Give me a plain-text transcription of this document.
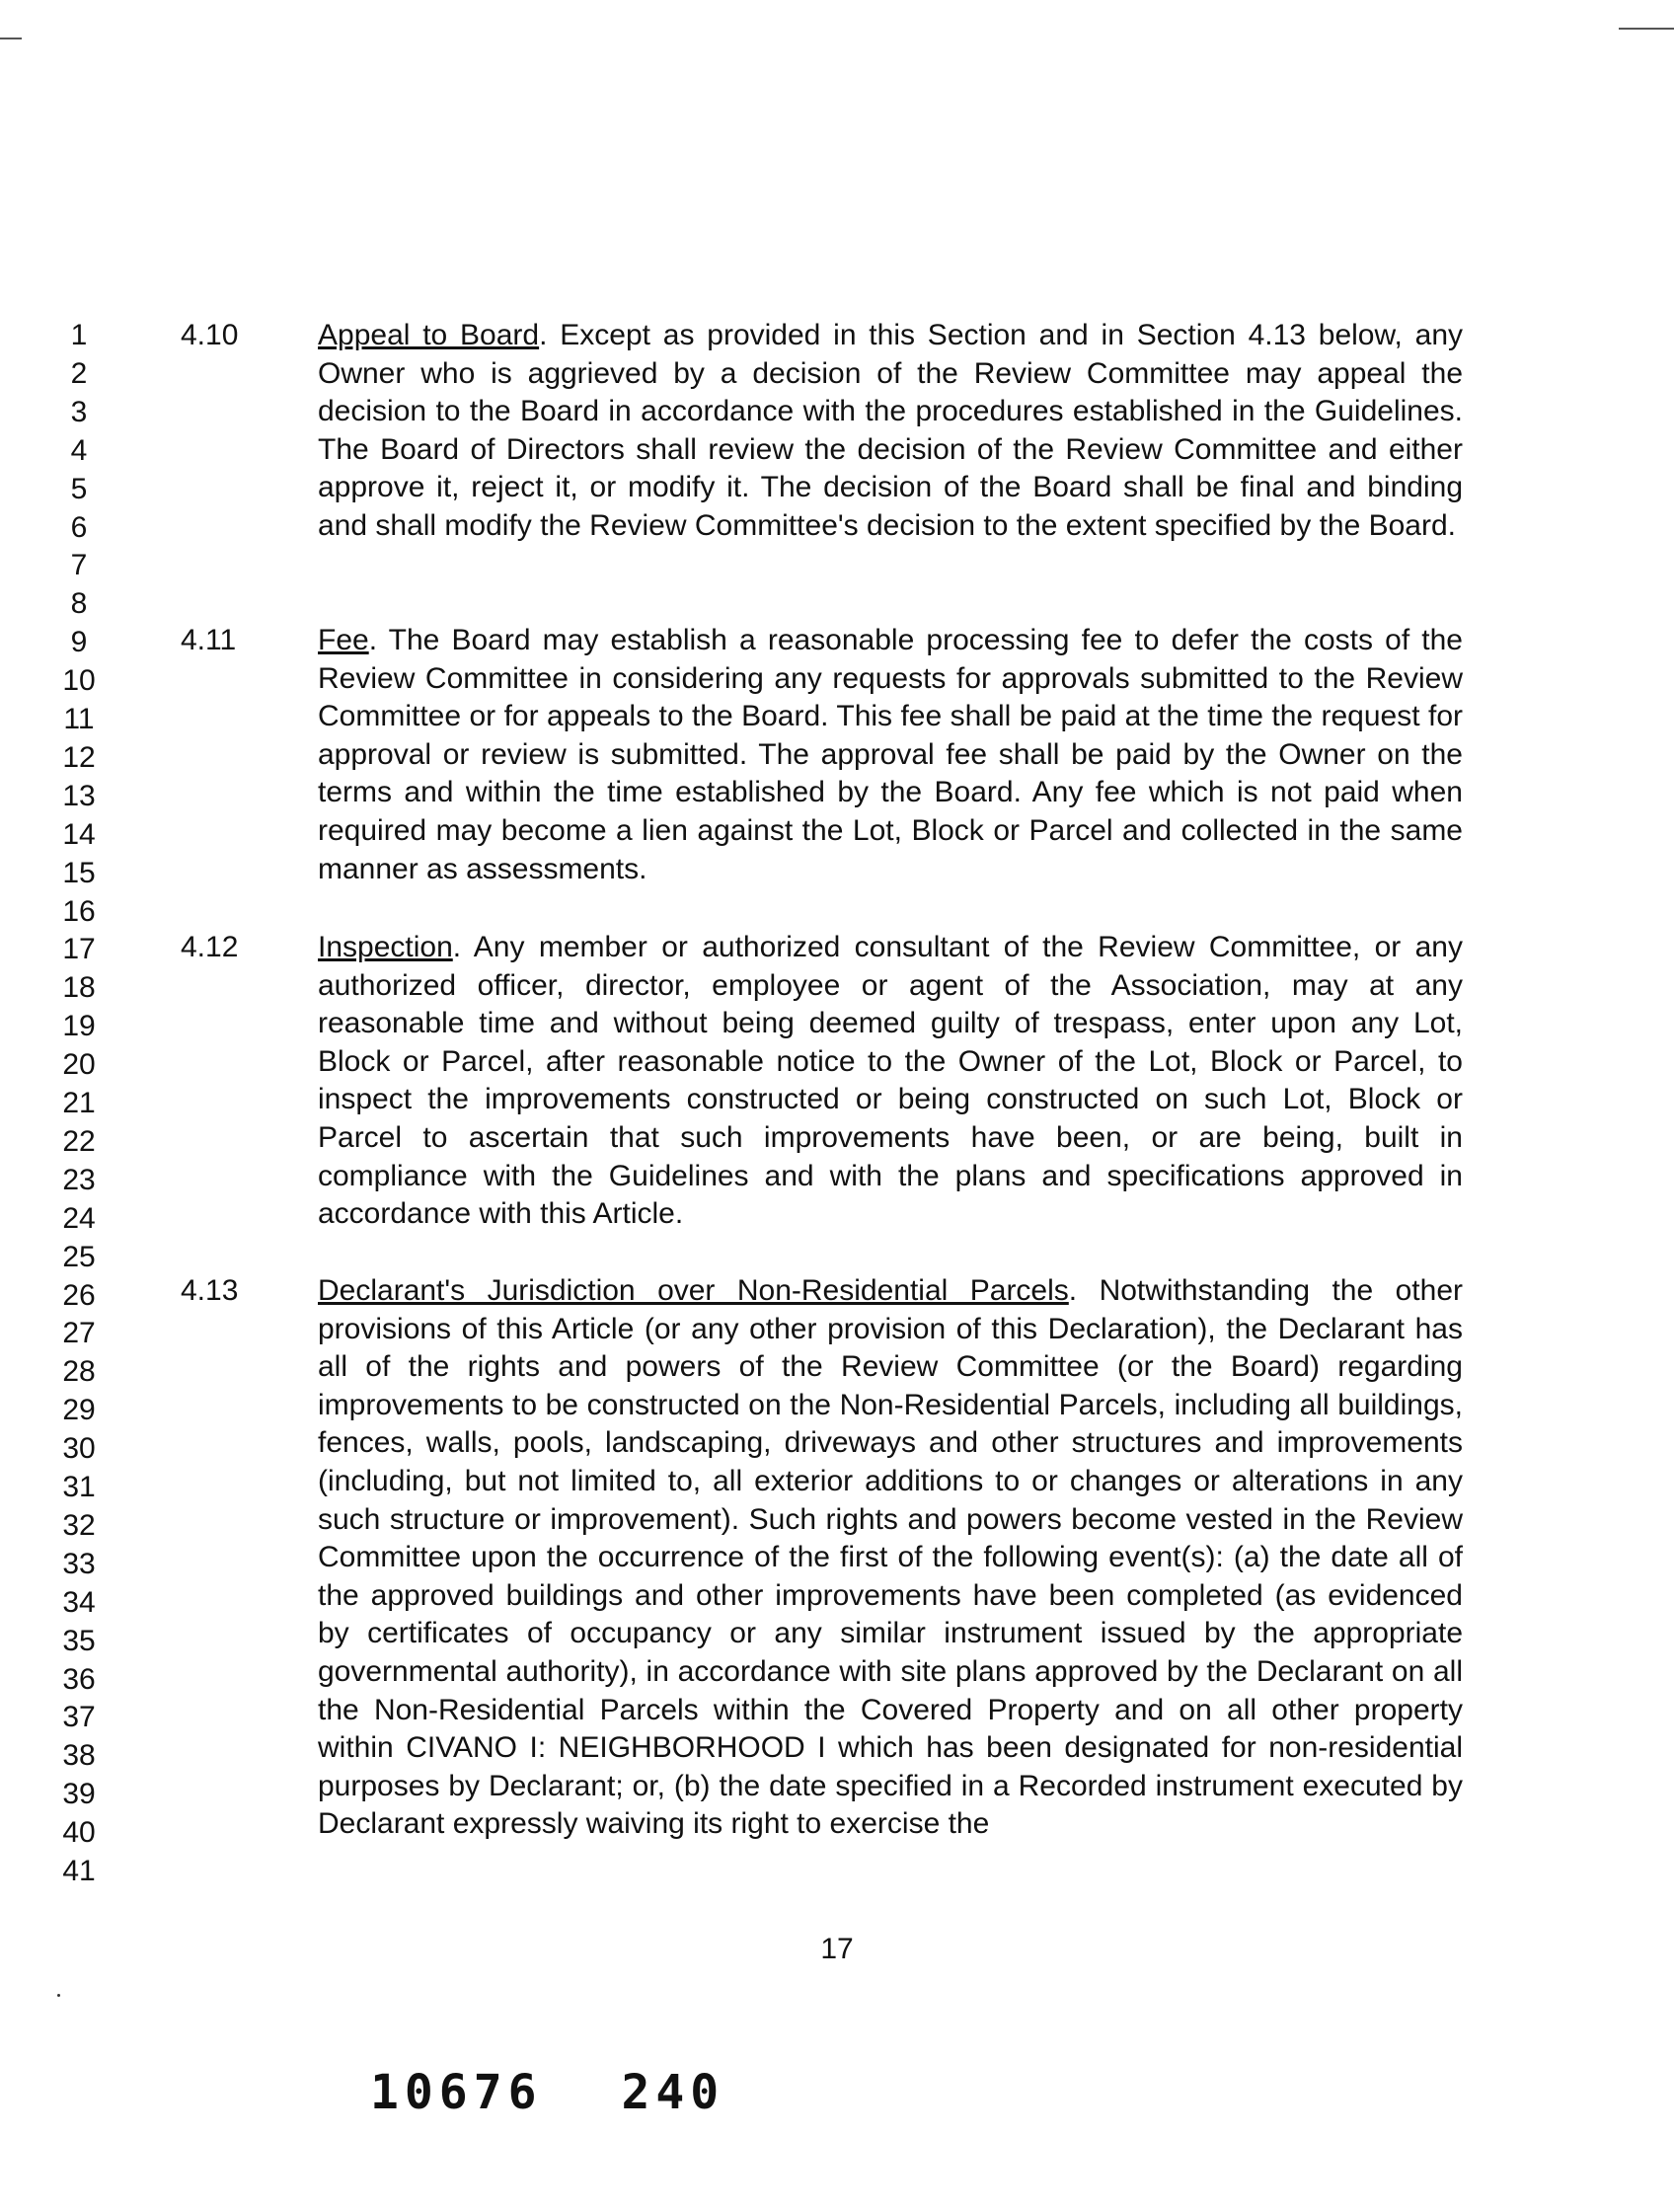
1
2
3
4
5
6
7
8
9
10
11
12
13
14
15
16
17
18
19
20
21
22
23
24
25
26
27
28
29
30
31
32
33
34
35
36
37
38
39
40
41
4.10	Appeal to Board. Except as provided in this Section and in Section 4.13 below, any Owner who is aggrieved by a decision of the Review Committee may appeal the decision to the Board in accordance with the procedures established in the Guidelines. The Board of Directors shall review the decision of the Review Committee and either approve it, reject it, or modify it. The decision of the Board shall be final and binding and shall modify the Review Committee's decision to the extent specified by the Board.
4.11	Fee. The Board may establish a reasonable processing fee to defer the costs of the Review Committee in considering any requests for approvals submitted to the Review Committee or for appeals to the Board. This fee shall be paid at the time the request for approval or review is submitted. The approval fee shall be paid by the Owner on the terms and within the time established by the Board. Any fee which is not paid when required may become a lien against the Lot, Block or Parcel and collected in the same manner as assessments.
4.12	Inspection. Any member or authorized consultant of the Review Committee, or any authorized officer, director, employee or agent of the Association, may at any reasonable time and without being deemed guilty of trespass, enter upon any Lot, Block or Parcel, after reasonable notice to the Owner of the Lot, Block or Parcel, to inspect the improvements constructed or being constructed on such Lot, Block or Parcel to ascertain that such improvements have been, or are being, built in compliance with the Guidelines and with the plans and specifications approved in accordance with this Article.
4.13	Declarant's Jurisdiction over Non-Residential Parcels. Notwithstanding the other provisions of this Article (or any other provision of this Declaration), the Declarant has all of the rights and powers of the Review Committee (or the Board) regarding improvements to be constructed on the Non-Residential Parcels, including all buildings, fences, walls, pools, landscaping, driveways and other structures and improvements (including, but not limited to, all exterior additions to or changes or alterations in any such structure or improvement). Such rights and powers become vested in the Review Committee upon the occurrence of the first of the following event(s): (a) the date all of the approved buildings and other improvements have been completed (as evidenced by certificates of occupancy or any similar instrument issued by the appropriate governmental authority), in accordance with site plans approved by the Declarant on all the Non-Residential Parcels within the Covered Property and on all other property within CIVANO I: NEIGHBORHOOD I which has been designated for non-residential purposes by Declarant; or, (b) the date specified in a Recorded instrument executed by Declarant expressly waiving its right to exercise the
17
10676 240
